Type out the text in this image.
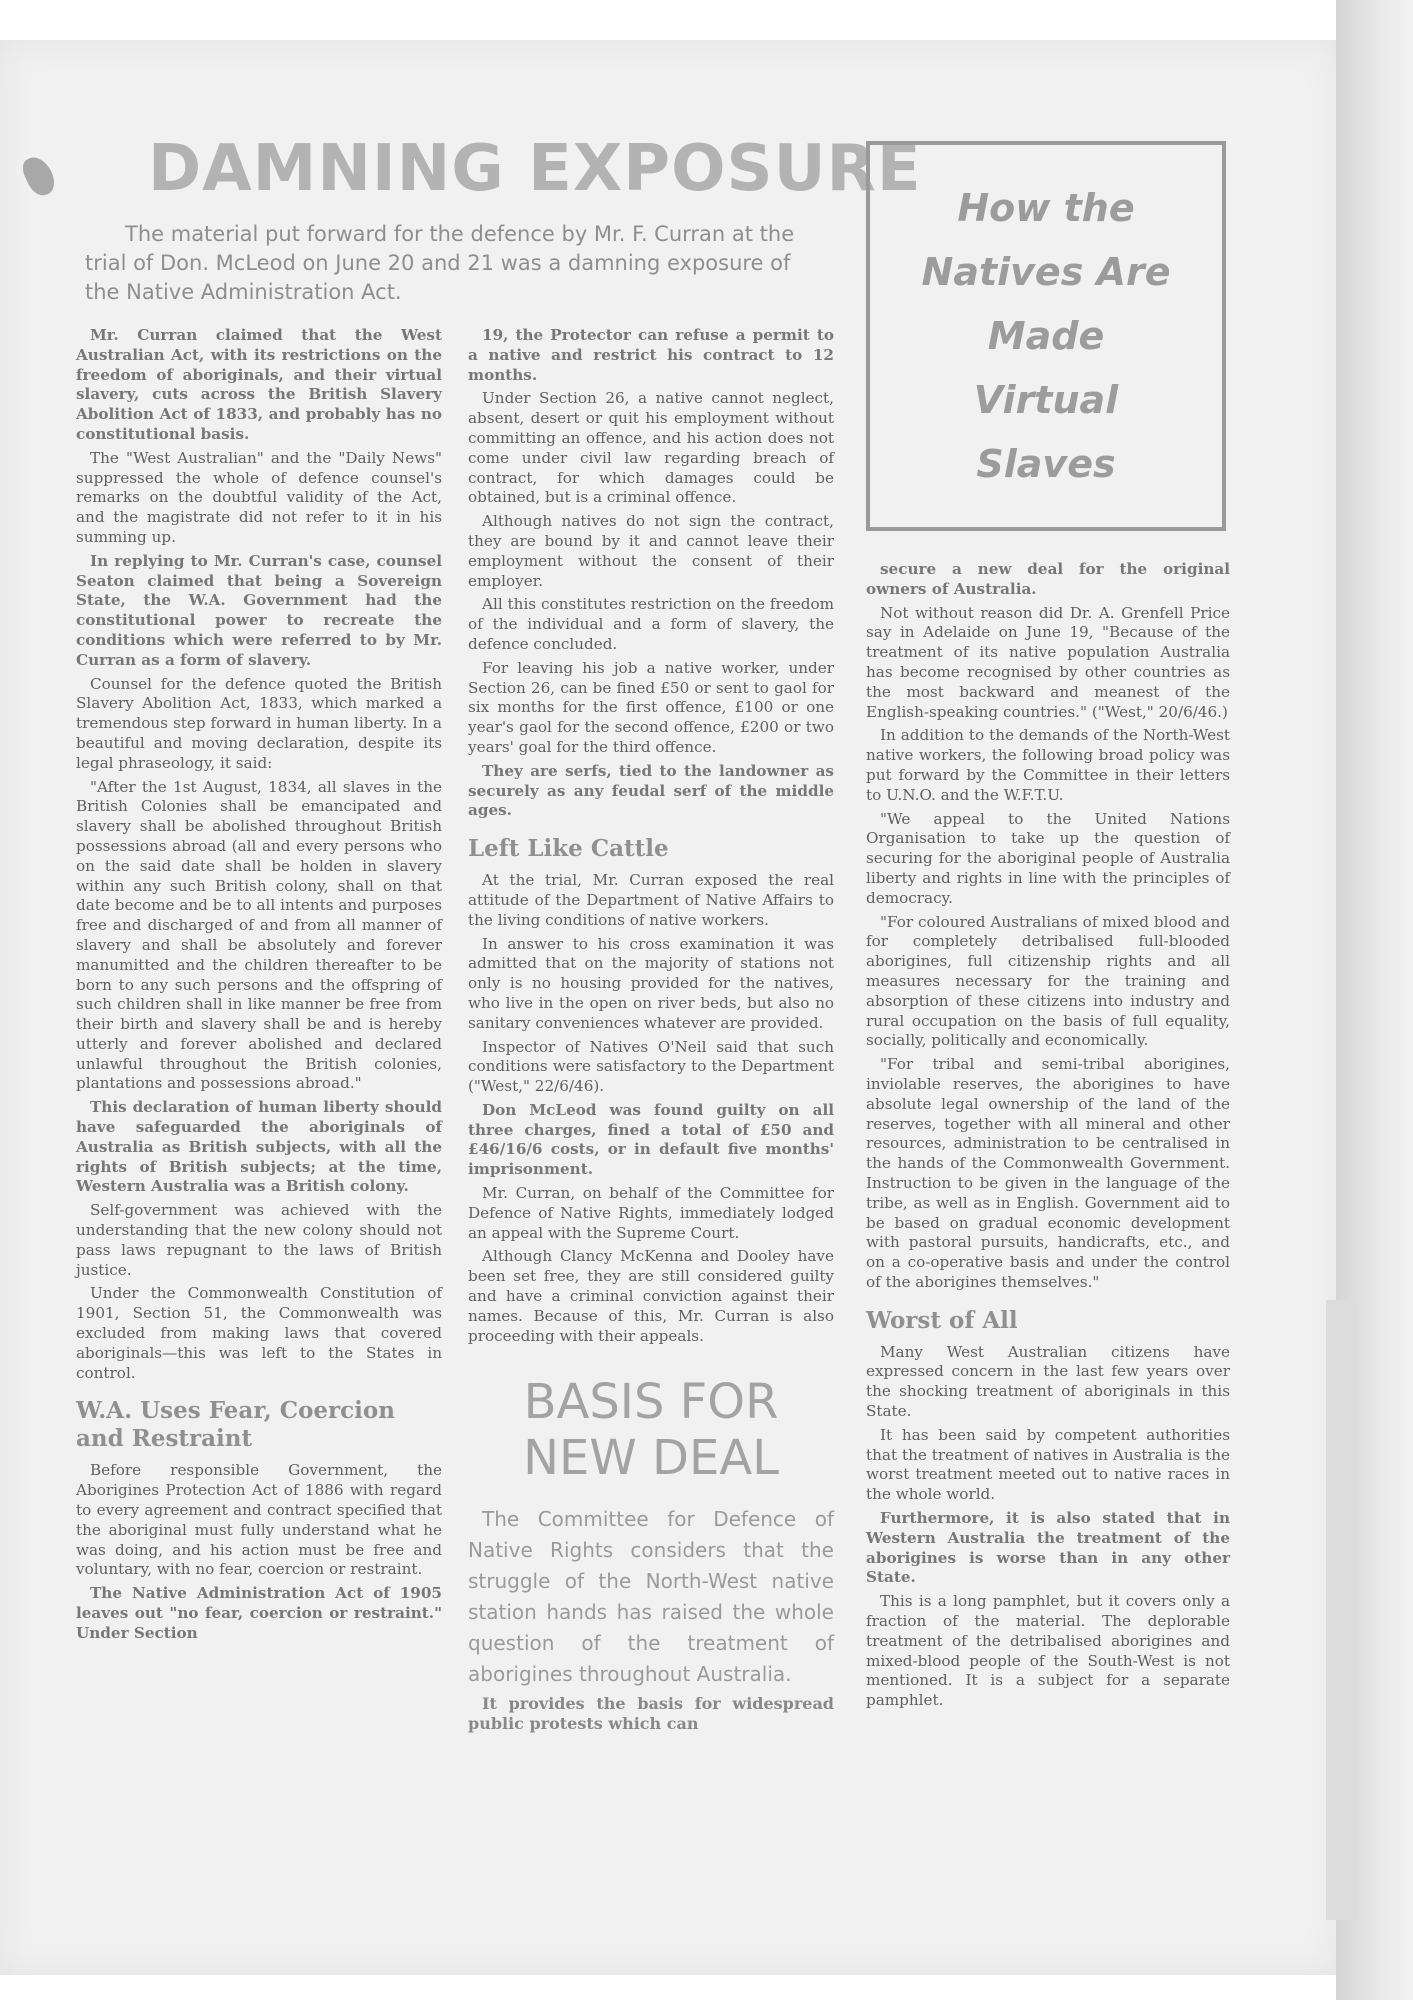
DAMNING EXPOSURE

The material put forward for the defence by Mr. F. Curran at the trial of Don. McLeod on June 20 and 21 was a damning exposure of the Native Administration Act.

Mr. Curran claimed that the West Australian Act, with its restrictions on the freedom of aboriginals, and their virtual slavery, cuts across the British Slavery Abolition Act of 1833, and probably has no constitutional basis.

The "West Australian" and the "Daily News" suppressed the whole of defence counsel's remarks on the doubtful validity of the Act, and the magistrate did not refer to it in his summing up.

In replying to Mr. Curran's case, counsel Seaton claimed that being a Sovereign State, the W.A. Government had the constitutional power to recreate the conditions which were referred to by Mr. Curran as a form of slavery.

Counsel for the defence quoted the British Slavery Abolition Act, 1833, which marked a tremendous step forward in human liberty. In a beautiful and moving declaration, despite its legal phraseology, it said:

"After the 1st August, 1834, all slaves in the British Colonies shall be emancipated and slavery shall be abolished throughout British possessions abroad (all and every persons who on the said date shall be holden in slavery within any such British colony, shall on that date become and be to all intents and purposes free and discharged of and from all manner of slavery and shall be absolutely and forever manumitted and the children thereafter to be born to any such persons and the offspring of such children shall in like manner be free from their birth and slavery shall be and is hereby utterly and forever abolished and declared unlawful throughout the British colonies, plantations and possessions abroad."

This declaration of human liberty should have safeguarded the aboriginals of Australia as British subjects, with all the rights of British subjects; at the time, Western Australia was a British colony.

Self-government was achieved with the understanding that the new colony should not pass laws repugnant to the laws of British justice.

Under the Commonwealth Constitution of 1901, Section 51, the Commonwealth was excluded from making laws that covered aboriginals—this was left to the States in control.

W.A. Uses Fear, Coercion and Restraint

Before responsible Government, the Aborigines Protection Act of 1886 with regard to every agreement and contract specified that the aboriginal must fully understand what he was doing, and his action must be free and voluntary, with no fear, coercion or restraint.

The Native Administration Act of 1905 leaves out "no fear, coercion or restraint." Under Section

19, the Protector can refuse a permit to a native and restrict his contract to 12 months.

Under Section 26, a native cannot neglect, absent, desert or quit his employment without committing an offence, and his action does not come under civil law regarding breach of contract, for which damages could be obtained, but is a criminal offence.

Although natives do not sign the contract, they are bound by it and cannot leave their employment without the consent of their employer.

All this constitutes restriction on the freedom of the individual and a form of slavery, the defence concluded.

For leaving his job a native worker, under Section 26, can be fined £50 or sent to gaol for six months for the first offence, £100 or one year's gaol for the second offence, £200 or two years' goal for the third offence.

They are serfs, tied to the landowner as securely as any feudal serf of the middle ages.

Left Like Cattle

At the trial, Mr. Curran exposed the real attitude of the Department of Native Affairs to the living conditions of native workers.

In answer to his cross examination it was admitted that on the majority of stations not only is no housing provided for the natives, who live in the open on river beds, but also no sanitary conveniences whatever are provided.

Inspector of Natives O'Neil said that such conditions were satisfactory to the Department ("West," 22/6/46).

Don McLeod was found guilty on all three charges, fined a total of £50 and £46/16/6 costs, or in default five months' imprisonment.

Mr. Curran, on behalf of the Committee for Defence of Native Rights, immediately lodged an appeal with the Supreme Court.

Although Clancy McKenna and Dooley have been set free, they are still considered guilty and have a criminal conviction against their names. Because of this, Mr. Curran is also proceeding with their appeals.

BASIS FOR NEW DEAL

The Committee for Defence of Native Rights considers that the struggle of the North-West native station hands has raised the whole question of the treatment of aborigines throughout Australia.

It provides the basis for widespread public protests which can

How the Natives Are Made Virtual Slaves

secure a new deal for the original owners of Australia.

Not without reason did Dr. A. Grenfell Price say in Adelaide on June 19, "Because of the treatment of its native population Australia has become recognised by other countries as the most backward and meanest of the English-speaking countries." ("West," 20/6/46.)

In addition to the demands of the North-West native workers, the following broad policy was put forward by the Committee in their letters to U.N.O. and the W.F.T.U.

"We appeal to the United Nations Organisation to take up the question of securing for the aboriginal people of Australia liberty and rights in line with the principles of democracy.

"For coloured Australians of mixed blood and for completely detribalised full-blooded aborigines, full citizenship rights and all measures necessary for the training and absorption of these citizens into industry and rural occupation on the basis of full equality, socially, politically and economically.

"For tribal and semi-tribal aborigines, inviolable reserves, the aborigines to have absolute legal ownership of the land of the reserves, together with all mineral and other resources, administration to be centralised in the hands of the Commonwealth Government. Instruction to be given in the language of the tribe, as well as in English. Government aid to be based on gradual economic development with pastoral pursuits, handicrafts, etc., and on a co-operative basis and under the control of the aborigines themselves."

Worst of All

Many West Australian citizens have expressed concern in the last few years over the shocking treatment of aboriginals in this State.

It has been said by competent authorities that the treatment of natives in Australia is the worst treatment meeted out to native races in the whole world.

Furthermore, it is also stated that in Western Australia the treatment of the aborigines is worse than in any other State.

This is a long pamphlet, but it covers only a fraction of the material. The deplorable treatment of the detribalised aborigines and mixed-blood people of the South-West is not mentioned. It is a subject for a separate pamphlet.
